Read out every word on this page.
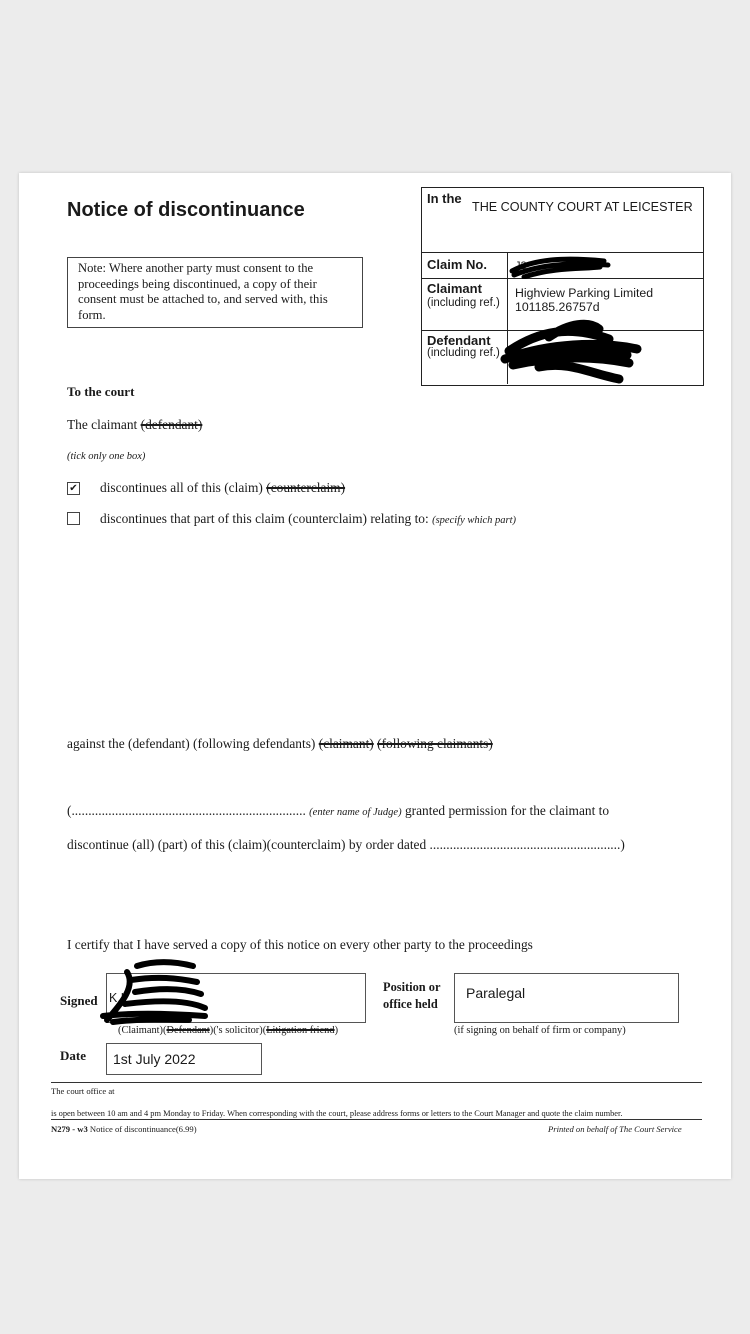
Notice of discontinuance
Note: Where another party must consent to the proceedings being discontinued, a copy of their consent must be attached to, and served with, this form.
In the
THE COUNTY COURT AT LEICESTER
Claim No.	J2
Claimant
(including ref.)
Highview Parking Limited
101185.26757d
Defendant
(including ref.)
To the court
The claimant (defendant)
(tick only one box)
✔ discontinues all of this (claim) (counterclaim)
discontinues that part of this claim (counterclaim) relating to: (specify which part)
against the (defendant) (following defendants) (claimant) (following claimants)
(...................................................................... (enter name of Judge) granted permission for the claimant to
discontinue (all) (part) of this (claim)(counterclaim) by order dated .........................................................)
I certify that I have served a copy of this notice on every other party to the proceedings
Signed K.L
(Claimant)(Defendant)('s solicitor)(Litigation friend)
Position or
office held
Paralegal
(if signing on behalf of firm or company)
Date 1st July 2022
The court office at
is open between 10 am and 4 pm Monday to Friday. When corresponding with the court, please address forms or letters to the Court Manager and quote the claim number.
N279 - w3 Notice of discontinuance(6.99)	Printed on behalf of The Court Service
